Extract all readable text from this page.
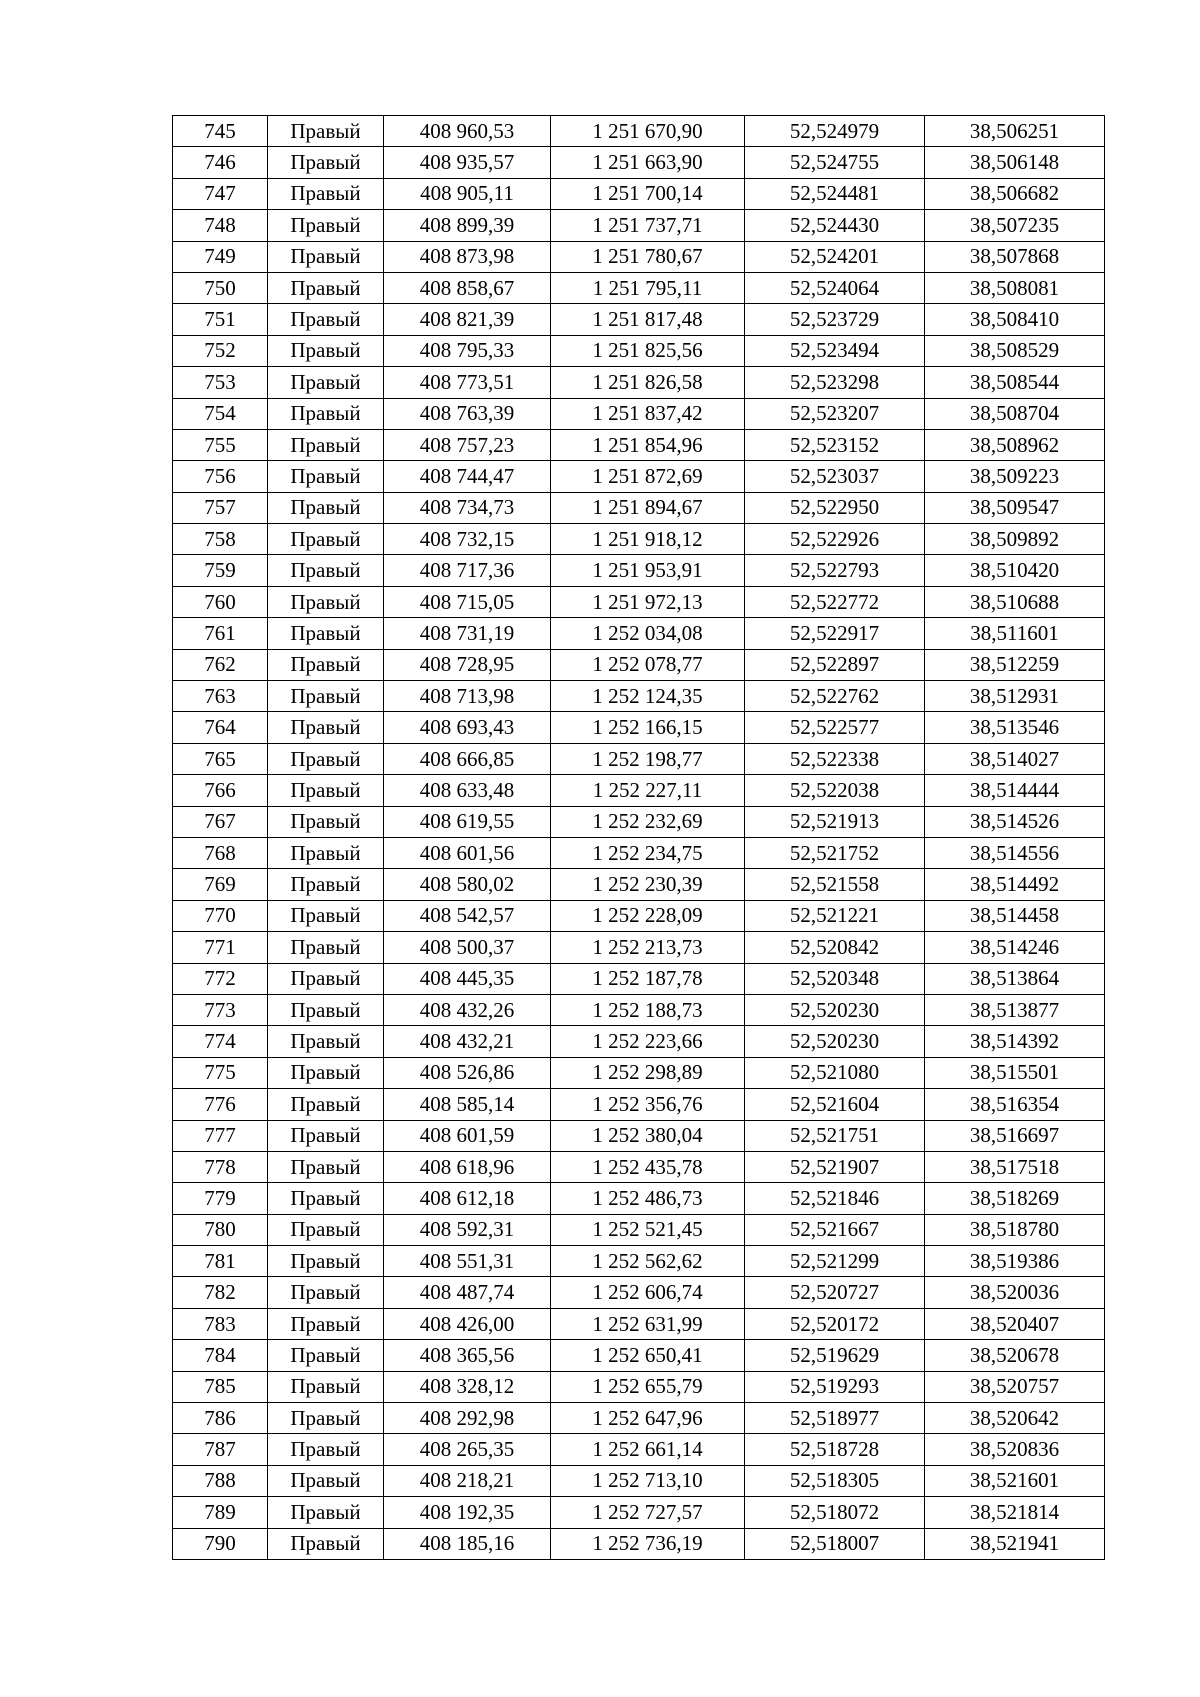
745	Правый	408 960,53	1 251 670,90	52,524979	38,506251
746	Правый	408 935,57	1 251 663,90	52,524755	38,506148
747	Правый	408 905,11	1 251 700,14	52,524481	38,506682
748	Правый	408 899,39	1 251 737,71	52,524430	38,507235
749	Правый	408 873,98	1 251 780,67	52,524201	38,507868
750	Правый	408 858,67	1 251 795,11	52,524064	38,508081
751	Правый	408 821,39	1 251 817,48	52,523729	38,508410
752	Правый	408 795,33	1 251 825,56	52,523494	38,508529
753	Правый	408 773,51	1 251 826,58	52,523298	38,508544
754	Правый	408 763,39	1 251 837,42	52,523207	38,508704
755	Правый	408 757,23	1 251 854,96	52,523152	38,508962
756	Правый	408 744,47	1 251 872,69	52,523037	38,509223
757	Правый	408 734,73	1 251 894,67	52,522950	38,509547
758	Правый	408 732,15	1 251 918,12	52,522926	38,509892
759	Правый	408 717,36	1 251 953,91	52,522793	38,510420
760	Правый	408 715,05	1 251 972,13	52,522772	38,510688
761	Правый	408 731,19	1 252 034,08	52,522917	38,511601
762	Правый	408 728,95	1 252 078,77	52,522897	38,512259
763	Правый	408 713,98	1 252 124,35	52,522762	38,512931
764	Правый	408 693,43	1 252 166,15	52,522577	38,513546
765	Правый	408 666,85	1 252 198,77	52,522338	38,514027
766	Правый	408 633,48	1 252 227,11	52,522038	38,514444
767	Правый	408 619,55	1 252 232,69	52,521913	38,514526
768	Правый	408 601,56	1 252 234,75	52,521752	38,514556
769	Правый	408 580,02	1 252 230,39	52,521558	38,514492
770	Правый	408 542,57	1 252 228,09	52,521221	38,514458
771	Правый	408 500,37	1 252 213,73	52,520842	38,514246
772	Правый	408 445,35	1 252 187,78	52,520348	38,513864
773	Правый	408 432,26	1 252 188,73	52,520230	38,513877
774	Правый	408 432,21	1 252 223,66	52,520230	38,514392
775	Правый	408 526,86	1 252 298,89	52,521080	38,515501
776	Правый	408 585,14	1 252 356,76	52,521604	38,516354
777	Правый	408 601,59	1 252 380,04	52,521751	38,516697
778	Правый	408 618,96	1 252 435,78	52,521907	38,517518
779	Правый	408 612,18	1 252 486,73	52,521846	38,518269
780	Правый	408 592,31	1 252 521,45	52,521667	38,518780
781	Правый	408 551,31	1 252 562,62	52,521299	38,519386
782	Правый	408 487,74	1 252 606,74	52,520727	38,520036
783	Правый	408 426,00	1 252 631,99	52,520172	38,520407
784	Правый	408 365,56	1 252 650,41	52,519629	38,520678
785	Правый	408 328,12	1 252 655,79	52,519293	38,520757
786	Правый	408 292,98	1 252 647,96	52,518977	38,520642
787	Правый	408 265,35	1 252 661,14	52,518728	38,520836
788	Правый	408 218,21	1 252 713,10	52,518305	38,521601
789	Правый	408 192,35	1 252 727,57	52,518072	38,521814
790	Правый	408 185,16	1 252 736,19	52,518007	38,521941
